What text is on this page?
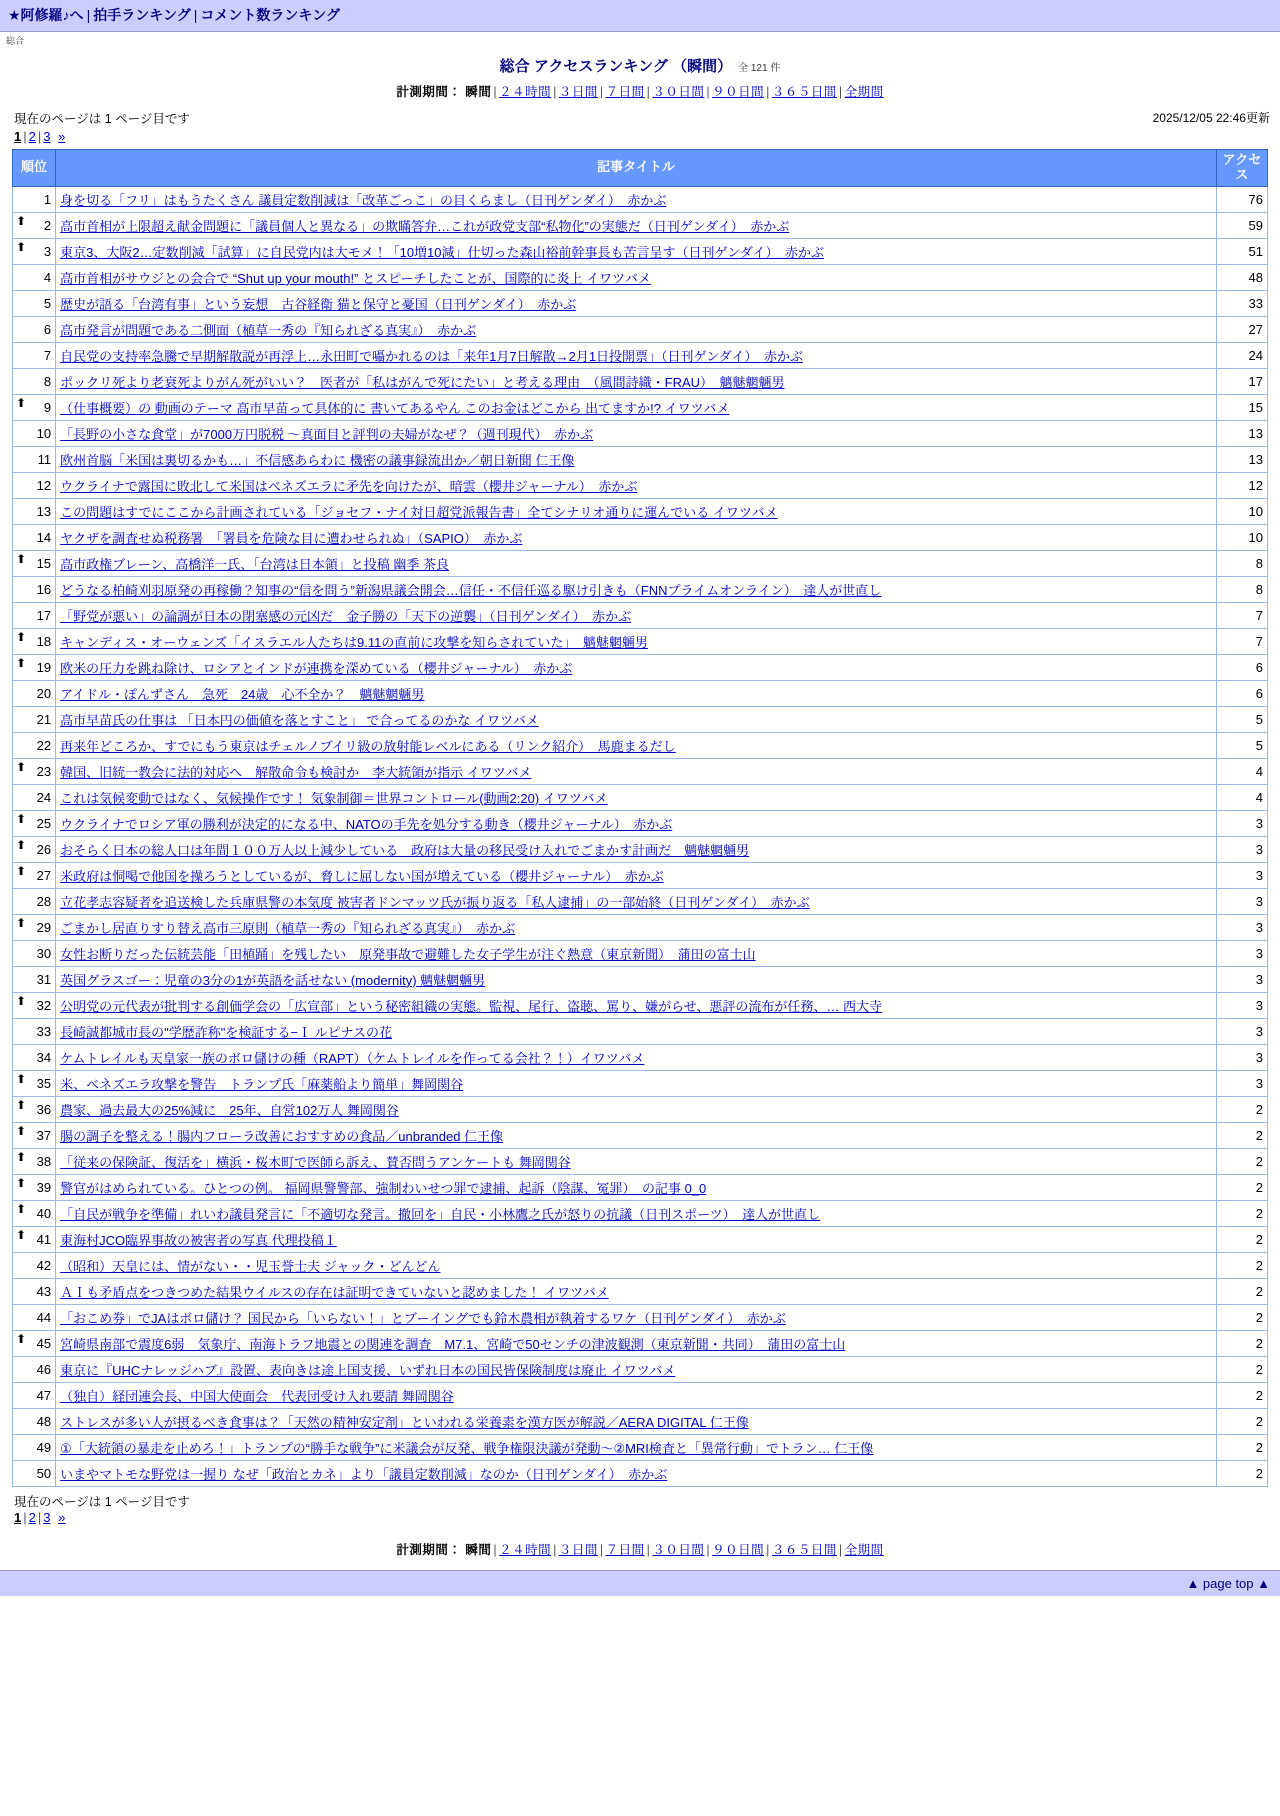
★阿修羅♪へ | 拍手ランキング | コメント数ランキング
総合
総合 アクセスランキング （瞬間） 全 121 件
計測期間： 瞬間 | ２４時間 | ３日間 | ７日間 | ３０日間 | ９０日間 | ３６５日間 | 全期間
現在のページは 1 ページ目です	2025/12/05 22:46更新
1 | 2 | 3 »
順位	記事タイトル	アクセス
1	身を切る「フリ」はもうたくさん 議員定数削減は「改革ごっこ」の目くらまし（日刊ゲンダイ）　赤かぶ	76

⬆ 2	高市首相が上限超え献金問題に「議員個人と異なる」の欺瞞答弁…これが政党支部“私物化”の実態だ（日刊ゲンダイ）　赤かぶ	59

⬆ 3	東京3、大阪2…定数削減「試算」に自民党内は大モメ！「10増10減」仕切った森山裕前幹事長も苦言呈す（日刊ゲンダイ）　赤かぶ	51
4	高市首相がサウジとの会合で “Shut up your mouth!” とスピーチしたことが、国際的に炎上 イワツバメ	48
5	歴史が語る「台湾有事」という妄想　古谷経衛 猫と保守と憂国（日刊ゲンダイ）　赤かぶ	33
6	高市発言が問題である二側面（植草一秀の『知られざる真実』）　赤かぶ	27
7	自民党の支持率急騰で早期解散説が再浮上…永田町で囁かれるのは「来年1月7日解散→2月1日投開票」（日刊ゲンダイ）　赤かぶ	24
8	ポックリ死より老衰死よりがん死がいい？　医者が「私はがんで死にたい」と考える理由　（風間詩織・FRAU）　魑魅魍魎男	17

⬆ 9	（仕事概要）の 動画のテーマ 高市早苗って具体的に 書いてあるやん このお金はどこから 出てますか!? イワツバメ	15
10	「長野の小さな食堂」が7000万円脱税 〜真面目と評判の夫婦がなぜ？（週刊現代）　赤かぶ	13
11	欧州首脳「米国は裏切るかも…」不信感あらわに 機密の議事録流出か／朝日新聞 仁王像	13
12	ウクライナで露国に敗北して米国はベネズエラに矛先を向けたが、暗雲（櫻井ジャーナル）　赤かぶ	12
13	この問題はすでにここから計画されている「ジョセフ・ナイ対日超党派報告書」全てシナリオ通りに運んでいる イワツバメ	10
14	ヤクザを調査せぬ税務署　「署員を危険な目に遭わせられぬ」（SAPIO）　赤かぶ	10

⬆ 15	高市政権ブレーン、高橋洋一氏、「台湾は日本領」と投稿 幽季 茶良	8
16	どうなる柏崎刈羽原発の再稼働？知事の“信を問う”新潟県議会開会…信任・不信任巡る駆け引きも（FNNプライムオンライン）　達人が世直し	8
17	「野党が悪い」の論調が日本の閉塞感の元凶だ　金子勝の「天下の逆襲」（日刊ゲンダイ）　赤かぶ	7

⬆ 18	キャンディス・オーウェンズ「イスラエル人たちは9.11の直前に攻撃を知らされていた」　魑魅魍魎男	7

⬆ 19	欧米の圧力を跳ね除け、ロシアとインドが連携を深めている（櫻井ジャーナル）　赤かぶ	6
20	アイドル・ぽんずさん　急死　24歳　心不全か？　魑魅魍魎男	6
21	高市早苗氏の仕事は 「日本円の価値を落とすこと」 で合ってるのかな イワツバメ	5
22	再来年どころか、すでにもう東京はチェルノブイリ級の放射能レベルにある（リンク紹介）　馬鹿まるだし	5

⬆ 23	韓国、旧統一教会に法的対応へ　解散命令も検討か　李大統領が指示 イワツバメ	4
24	これは気候変動ではなく、気候操作です！ 気象制御＝世界コントロール(動画2:20) イワツバメ	4

⬆ 25	ウクライナでロシア軍の勝利が決定的になる中、NATOの手先を処分する動き（櫻井ジャーナル）　赤かぶ	3

⬆ 26	おそらく日本の総人口は年間１００万人以上減少している　政府は大量の移民受け入れでごまかす計画だ　魑魅魍魎男	3

⬆ 27	米政府は恫喝で他国を操ろうとしているが、脅しに屈しない国が増えている（櫻井ジャーナル）　赤かぶ	3
28	立花孝志容疑者を追送検した兵庫県警の本気度 被害者ドンマッツ氏が振り返る「私人逮捕」の一部始終（日刊ゲンダイ）　赤かぶ	3

⬆ 29	ごまかし居直りすり替え高市三原則（植草一秀の『知られざる真実』）　赤かぶ	3
30	女性お断りだった伝統芸能「田植踊」を残したい　原発事故で避難した女子学生が注ぐ熱意（東京新聞）　蒲田の富士山	3
31	英国グラスゴー：児童の3分の1が英語を話せない (modernity) 魑魅魍魎男	3

⬆ 32	公明党の元代表が批判する創価学会の「広宣部」という秘密組織の実態。監視、尾行、盗聴、罵り、嫌がらせ、悪評の流布が任務、… 西大寺	3
33	長崎誠都城市長の"学歴詐称"を検証する−Ｉ ルピナスの花	3
34	ケムトレイルも天皇家一族のボロ儲けの種（RAPT）（ケムトレイルを作ってる会社？！）イワツバメ	3

⬆ 35	米、ベネズエラ攻撃を警告　トランプ氏「麻薬船より簡単」舞岡関谷	3

⬆ 36	農家、過去最大の25%減に　25年、自営102万人 舞岡関谷	2

⬆ 37	腸の調子を整える！腸内フローラ改善におすすめの食品／unbranded 仁王像	2

⬆ 38	「従来の保険証、復活を」横浜・桜木町で医師ら訴え、賛否問うアンケートも 舞岡関谷	2

⬆ 39	警官がはめられている。ひとつの例。 福岡県警警部、強制わいせつ罪で逮捕、起訴（陰謀、冤罪）　の記事 0_0	2

⬆ 40	「自民が戦争を準備」れいわ議員発言に「不適切な発言。撤回を」自民・小林鷹之氏が怒りの抗議（日刊スポーツ）　達人が世直し	2

⬆ 41	東海村JCO臨界事故の被害者の写真 代理投稿１	2
42	（昭和）天皇には、情がない・・児玉誉士夫 ジャック・どんどん	2
43	ＡＩも矛盾点をつきつめた結果ウイルスの存在は証明できていないと認めました！ イワツバメ	2
44	「おこめ券」でJAはボロ儲け？ 国民から「いらない！」とブーイングでも鈴木農相が執着するワケ（日刊ゲンダイ）　赤かぶ	2

⬆ 45	宮崎県南部で震度6弱　気象庁、南海トラフ地震との関連を調査　M7.1、宮崎で50センチの津波観測（東京新聞・共同）　蒲田の富士山	2
46	東京に『UHCナレッジハブ』設置、表向きは途上国支援、いずれ日本の国民皆保険制度は廃止 イワツバメ	2
47	（独自）経団連会長、中国大使面会　代表団受け入れ要請 舞岡関谷	2
48	ストレスが多い人が摂るべき食事は？「天然の精神安定剤」といわれる栄養素を漢方医が解説／AERA DIGITAL 仁王像	2
49	①「大統領の暴走を止めろ！」トランプの“勝手な戦争”に米議会が反発、戦争権限決議が発動〜②MRI検査と「異常行動」でトラン… 仁王像	2
50	いまやマトモな野党は一握り なぜ「政治とカネ」より「議員定数削減」なのか（日刊ゲンダイ）　赤かぶ	2
現在のページは 1 ページ目です
1 | 2 | 3 »
計測期間： 瞬間 | ２４時間 | ３日間 | ７日間 | ３０日間 | ９０日間 | ３６５日間 | 全期間
▲ page top ▲
